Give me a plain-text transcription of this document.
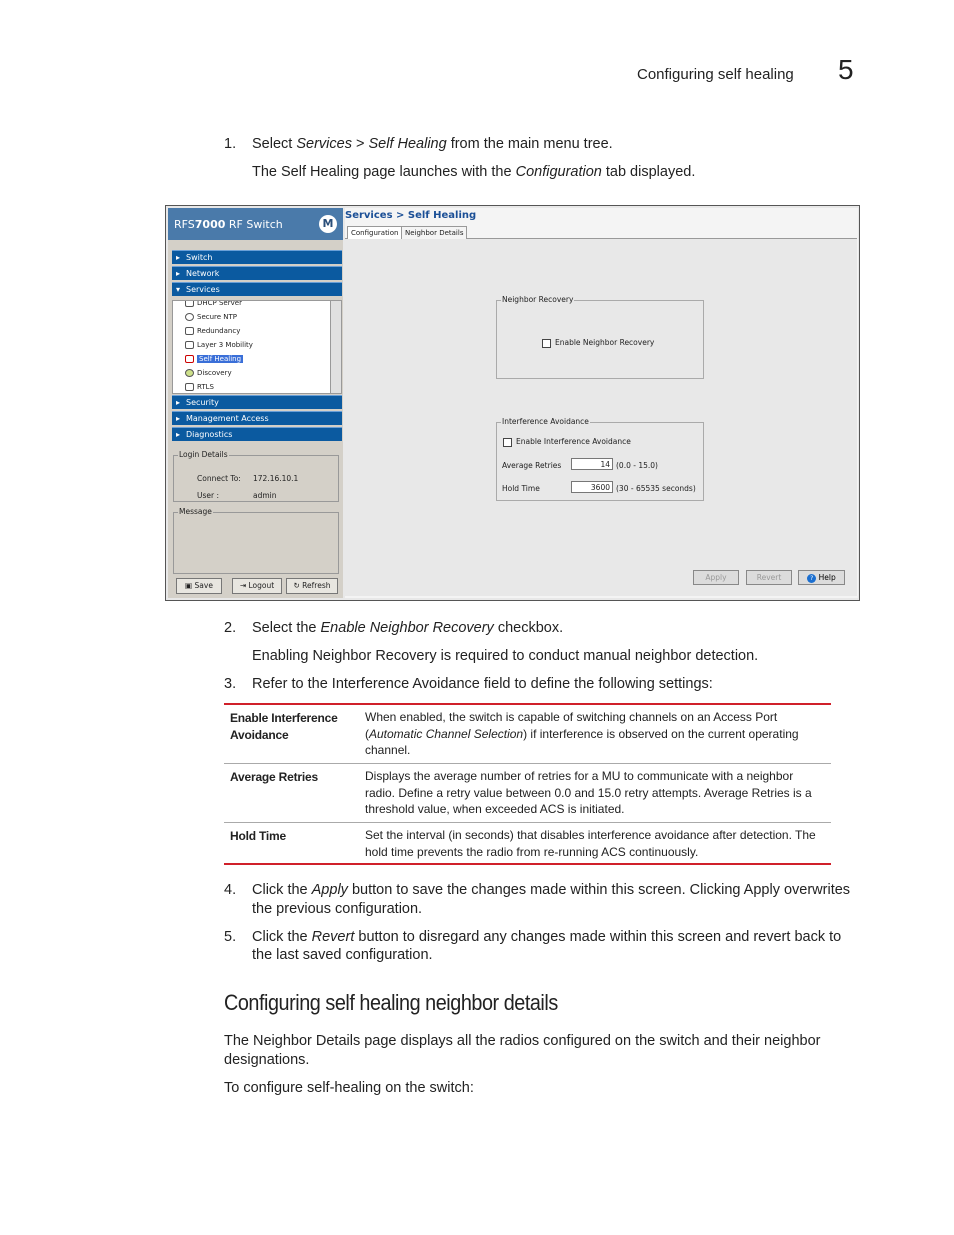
Configuring self healing 5
1. Select Services > Self Healing from the main menu tree.
The Self Healing page launches with the Configuration tab displayed.
RFS7000 RF Switch	M
▸ Switch
▸ Network
▾ Services
DHCP Server
Secure NTP
Redundancy
Layer 3 Mobility
Self Healing
Discovery
RTLS
▸ Security
▸ Management Access
▸ Diagnostics
Login Details
Connect To: 172.16.10.1
User :	admin
Message
▣ Save	⇥ Logout	↻ Refresh
Services > Self Healing
Configuration Neighbor Details
Neighbor Recovery
Enable Neighbor Recovery
Interference Avoidance
Enable Interference Avoidance
Average Retries	14 (0.0 - 15.0)
Hold Time	3600 (30 - 65535 seconds)
Apply	Revert	? Help
2. Select the Enable Neighbor Recovery checkbox.
Enabling Neighbor Recovery is required to conduct manual neighbor detection.
3. Refer to the Interference Avoidance field to define the following settings:
Enable Interference Avoidance
When enabled, the switch is capable of switching channels on an Access Port (Automatic Channel Selection) if interference is observed on the current operating channel.
Average Retries	Displays the average number of retries for a MU to communicate with a neighbor radio. Define a retry value between 0.0 and 15.0 retry attempts. Average Retries is a threshold value, when exceeded ACS is initiated.
Hold Time	Set the interval (in seconds) that disables interference avoidance after detection. The hold time prevents the radio from re-running ACS continuously.
4. Click the Apply button to save the changes made within this screen. Clicking Apply overwrites
the previous configuration.
5. Click the Revert button to disregard any changes made within this screen and revert back to
the last saved configuration.
Configuring self healing neighbor details
The Neighbor Details page displays all the radios configured on the switch and their neighbor
designations.
To configure self-healing on the switch:
